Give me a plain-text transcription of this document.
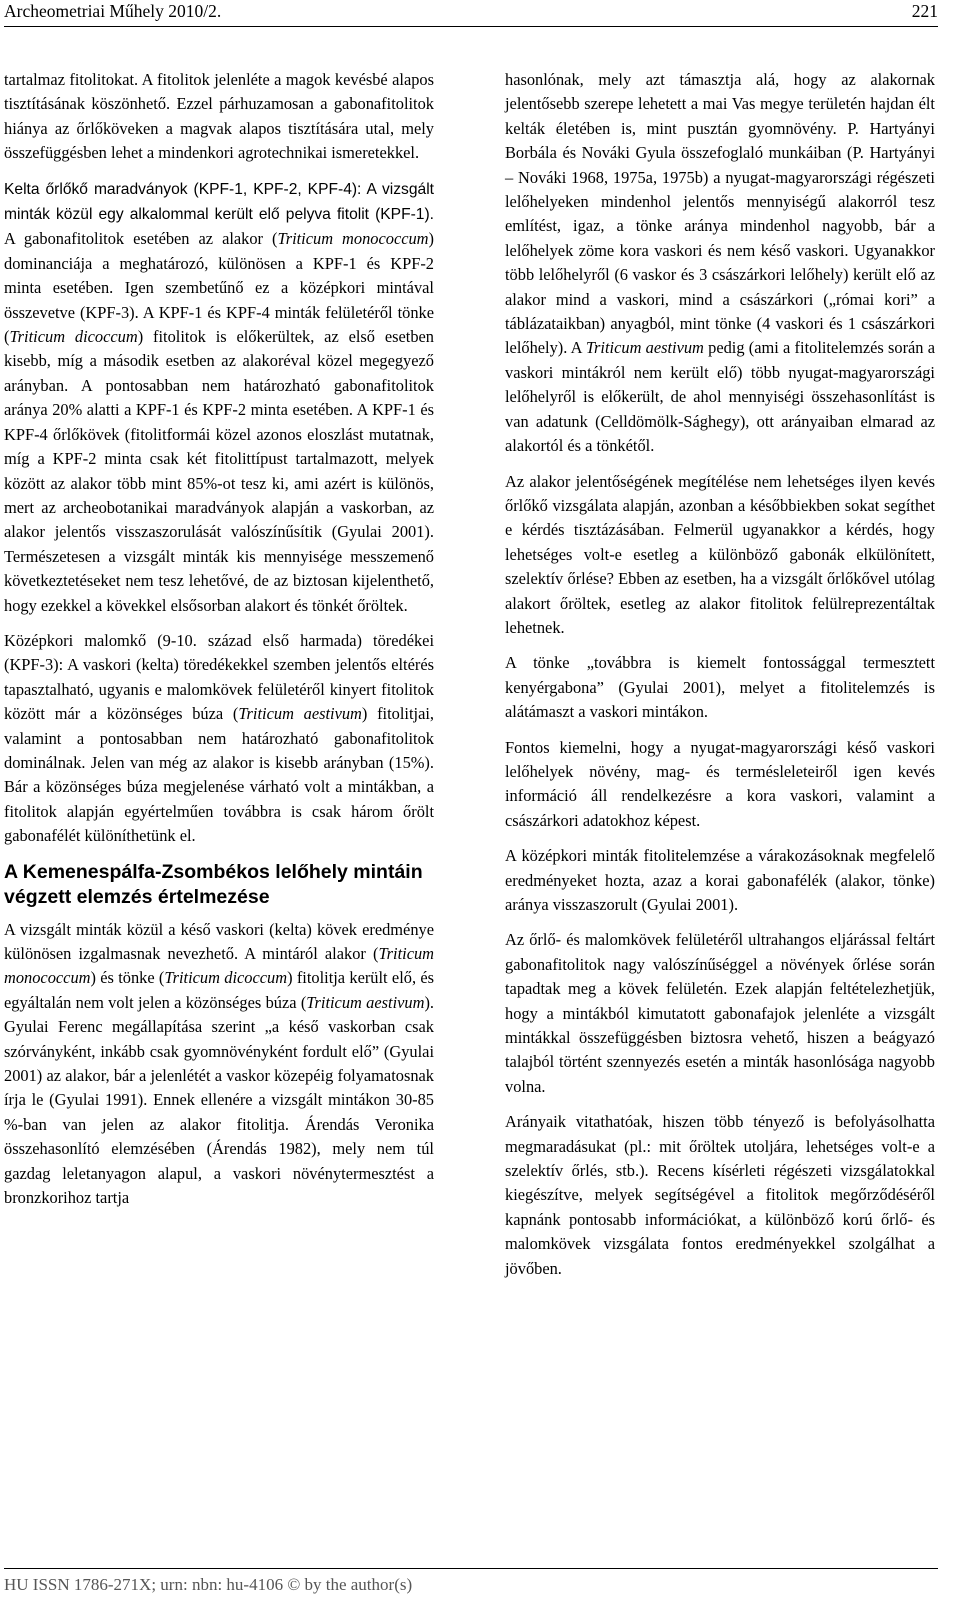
Archeometriai Műhely 2010/2.	221

tartalmaz fitolitokat. A fitolitok jelenléte a magok kevésbé alapos tisztításának köszönhető. Ezzel párhuzamosan a gabonafitolitok hiánya az őrlőköveken a magvak alapos tisztítására utal, mely összefüggésben lehet a mindenkori agrotechnikai ismeretekkel.

Kelta őrlőkő maradványok (KPF-1, KPF-2, KPF-4): A vizsgált minták közül egy alkalommal került elő pelyva fitolit (KPF-1). A gabonafitolitok esetében az alakor (Triticum monococcum) dominanciája a meghatározó, különösen a KPF-1 és KPF-2 minta esetében. Igen szembetűnő ez a középkori mintával összevetve (KPF-3). A KPF-1 és KPF-4 minták felületéről tönke (Triticum dicoccum) fitolitok is előkerültek, az első esetben kisebb, míg a második esetben az alakoréval közel megegyező arányban. A pontosabban nem határozható gabonafitolitok aránya 20% alatti a KPF-1 és KPF-2 minta esetében. A KPF-1 és KPF-4 őrlőkövek (fitolitformái közel azonos eloszlást mutatnak, míg a KPF-2 minta csak két fitolittípust tartalmazott, melyek között az alakor több mint 85%-ot tesz ki, ami azért is különös, mert az archeobotanikai maradványok alapján a vaskorban, az alakor jelentős visszaszorulását valószínűsítik (Gyulai 2001). Természetesen a vizsgált minták kis mennyisége messzemenő következtetéseket nem tesz lehetővé, de az biztosan kijelenthető, hogy ezekkel a kövekkel elsősorban alakort és tönkét őröltek.

Középkori malomkő (9-10. század első harmada) töredékei (KPF-3): A vaskori (kelta) töredékekkel szemben jelentős eltérés tapasztalható, ugyanis e malomkövek felületéről kinyert fitolitok között már a közönséges búza (Triticum aestivum) fitolitjai, valamint a pontosabban nem határozható gabonafitolitok dominálnak. Jelen van még az alakor is kisebb arányban (15%). Bár a közönséges búza megjelenése várható volt a mintákban, a fitolitok alapján egyértelműen továbbra is csak három őrölt gabonafélét különíthetünk el.

A Kemenespálfa-Zsombékos lelőhely mintáin végzett elemzés értelmezése

A vizsgált minták közül a késő vaskori (kelta) kövek eredménye különösen izgalmasnak nevezhető. A mintáról alakor (Triticum monococcum) és tönke (Triticum dicoccum) fitolitja került elő, és egyáltalán nem volt jelen a közönséges búza (Triticum aestivum). Gyulai Ferenc megállapítása szerint „a késő vaskorban csak szórványként, inkább csak gyomnövényként fordult elő” (Gyulai 2001) az alakor, bár a jelenlétét a vaskor közepéig folyamatosnak írja le (Gyulai 1991). Ennek ellenére a vizsgált mintákon 30-85 %-ban van jelen az alakor fitolitja. Árendás Veronika összehasonlító elemzésében (Árendás 1982), mely nem túl gazdag leletanyagon alapul, a vaskori növénytermesztést a bronzkorihoz tartja

hasonlónak, mely azt támasztja alá, hogy az alakornak jelentősebb szerepe lehetett a mai Vas megye területén hajdan élt kelták életében is, mint pusztán gyomnövény. P. Hartyányi Borbála és Nováki Gyula összefoglaló munkáiban (P. Hartyányi – Nováki 1968, 1975a, 1975b) a nyugat-magyarországi régészeti lelőhelyeken mindenhol jelentős mennyiségű alakorról tesz említést, igaz, a tönke aránya mindenhol nagyobb, bár a lelőhelyek zöme kora vaskori és nem késő vaskori. Ugyanakkor több lelőhelyről (6 vaskor és 3 császárkori lelőhely) került elő az alakor mind a vaskori, mind a császárkori („római kori” a táblázataikban) anyagból, mint tönke (4 vaskori és 1 császárkori lelőhely). A Triticum aestivum pedig (ami a fitolitelemzés során a vaskori mintákról nem került elő) több nyugat-magyarországi lelőhelyről is előkerült, de ahol mennyiségi összehasonlítást is van adatunk (Celldömölk-Sághegy), ott arányaiban elmarad az alakortól és a tönkétől.

Az alakor jelentőségének megítélése nem lehetséges ilyen kevés őrlőkő vizsgálata alapján, azonban a későbbiekben sokat segíthet e kérdés tisztázásában. Felmerül ugyanakkor a kérdés, hogy lehetséges volt-e esetleg a különböző gabonák elkülönített, szelektív őrlése? Ebben az esetben, ha a vizsgált őrlőkővel utólag alakort őröltek, esetleg az alakor fitolitok felülreprezentáltak lehetnek.

A tönke „továbbra is kiemelt fontossággal termesztett kenyérgabona” (Gyulai 2001), melyet a fitolitelemzés is alátámaszt a vaskori mintákon.

Fontos kiemelni, hogy a nyugat-magyarországi késő vaskori lelőhelyek növény, mag- és termésleleteiről igen kevés információ áll rendelkezésre a kora vaskori, valamint a császárkori adatokhoz képest.

A középkori minták fitolitelemzése a várakozásoknak megfelelő eredményeket hozta, azaz a korai gabonafélék (alakor, tönke) aránya visszaszorult (Gyulai 2001).

Az őrlő- és malomkövek felületéről ultrahangos eljárással feltárt gabonafitolitok nagy valószínűséggel a növények őrlése során tapadtak meg a kövek felületén. Ezek alapján feltételezhetjük, hogy a mintákból kimutatott gabonafajok jelenléte a vizsgált mintákkal összefüggésben biztosra vehető, hiszen a beágyazó talajból történt szennyezés esetén a minták hasonlósága nagyobb volna.

Arányaik vitathatóak, hiszen több tényező is befolyásolhatta megmaradásukat (pl.: mit őröltek utoljára, lehetséges volt-e a szelektív őrlés, stb.). Recens kísérleti régészeti vizsgálatokkal kiegészítve, melyek segítségével a fitolitok megőrződéséről kapnánk pontosabb információkat, a különböző korú őrlő- és malomkövek vizsgálata fontos eredményekkel szolgálhat a jövőben.

HU ISSN 1786-271X; urn: nbn: hu-4106 © by the author(s)
